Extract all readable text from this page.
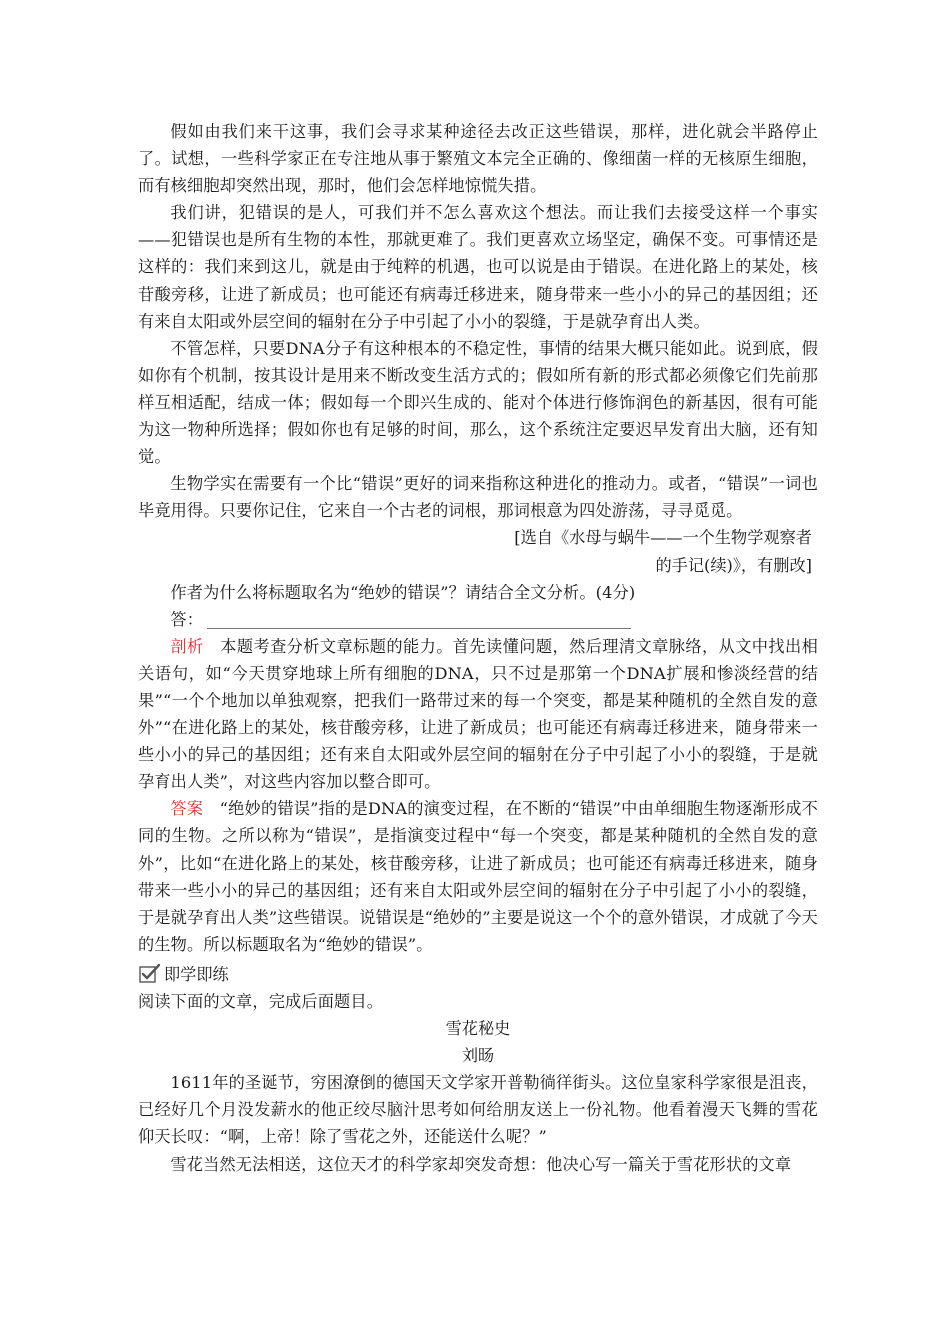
假如由我们来干这事，我们会寻求某种途径去改正这些错误，那样，进化就会半路停止了。试想，一些科学家正在专注地从事于繁殖文本完全正确的、像细菌一样的无核原生细胞，而有核细胞却突然出现，那时，他们会怎样地惊慌失措。

我们讲，犯错误的是人，可我们并不怎么喜欢这个想法。而让我们去接受这样一个事实——犯错误也是所有生物的本性，那就更难了。我们更喜欢立场坚定，确保不变。可事情还是这样的：我们来到这儿，就是由于纯粹的机遇，也可以说是由于错误。在进化路上的某处，核苷酸旁移，让进了新成员；也可能还有病毒迁移进来，随身带来一些小小的异己的基因组；还有来自太阳或外层空间的辐射在分子中引起了小小的裂缝，于是就孕育出人类。

不管怎样，只要DNA分子有这种根本的不稳定性，事情的结果大概只能如此。说到底，假如你有个机制，按其设计是用来不断改变生活方式的；假如所有新的形式都必须像它们先前那样互相适配，结成一体；假如每一个即兴生成的、能对个体进行修饰润色的新基因，很有可能为这一物种所选择；假如你也有足够的时间，那么，这个系统注定要迟早发育出大脑，还有知觉。

生物学实在需要有一个比“错误”更好的词来指称这种进化的推动力。或者，“错误”一词也毕竟用得。只要你记住，它来自一个古老的词根，那词根意为四处游荡，寻寻觅觅。

[选自《水母与蜗牛——一个生物学观察者

的手记(续)》，有删改]

作者为什么将标题取名为“绝妙的错误”？请结合全文分析。(4分)

答：

剖析　本题考查分析文章标题的能力。首先读懂问题，然后理清文章脉络，从文中找出相关语句，如“今天贯穿地球上所有细胞的DNA，只不过是那第一个DNA扩展和惨淡经营的结果”“一个个地加以单独观察，把我们一路带过来的每一个突变，都是某种随机的全然自发的意外”“在进化路上的某处，核苷酸旁移，让进了新成员；也可能还有病毒迁移进来，随身带来一些小小的异己的基因组；还有来自太阳或外层空间的辐射在分子中引起了小小的裂缝，于是就孕育出人类”，对这些内容加以整合即可。

答案　“绝妙的错误”指的是DNA的演变过程，在不断的“错误”中由单细胞生物逐渐形成不同的生物。之所以称为“错误”，是指演变过程中“每一个突变，都是某种随机的全然自发的意外”，比如“在进化路上的某处，核苷酸旁移，让进了新成员；也可能还有病毒迁移进来，随身带来一些小小的异己的基因组；还有来自太阳或外层空间的辐射在分子中引起了小小的裂缝，于是就孕育出人类”这些错误。说错误是“绝妙的”主要是说这一个个的意外错误，才成就了今天的生物。所以标题取名为“绝妙的错误”。

即学即练

阅读下面的文章，完成后面题目。

雪花秘史

刘旸

1611年的圣诞节，穷困潦倒的德国天文学家开普勒徜徉街头。这位皇家科学家很是沮丧，已经好几个月没发薪水的他正绞尽脑汁思考如何给朋友送上一份礼物。他看着漫天飞舞的雪花仰天长叹：“啊，上帝！除了雪花之外，还能送什么呢？”

雪花当然无法相送，这位天才的科学家却突发奇想：他决心写一篇关于雪花形状的文章
